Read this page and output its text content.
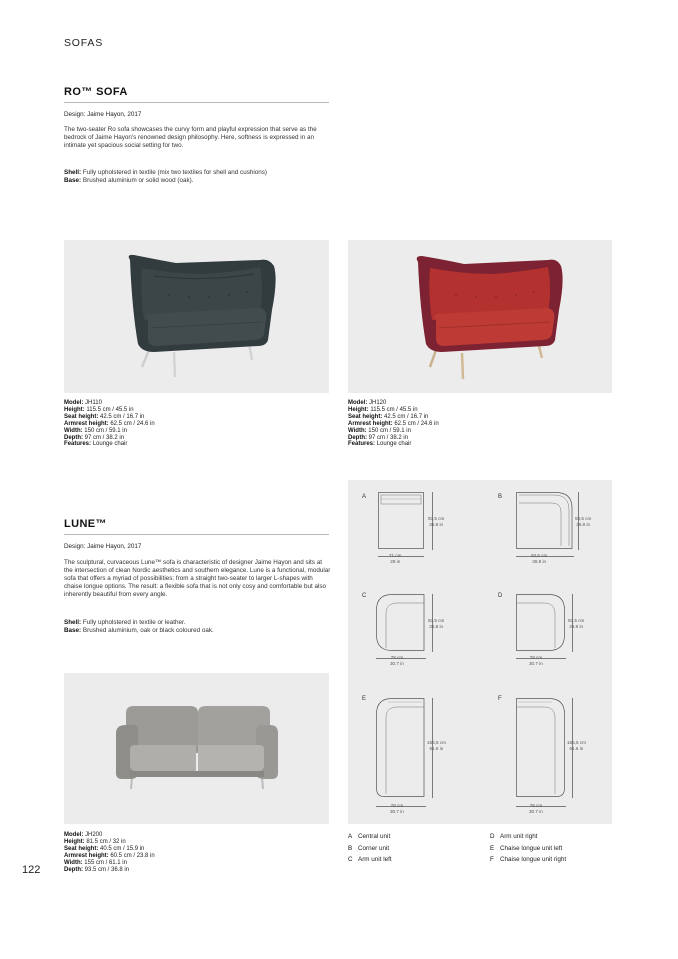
SOFAS
RO™ SOFA
Design: Jaime Hayon, 2017
The two-seater Ro sofa showcases the curvy form and playful expression that serve as the bedrock of Jaime Hayon's renowned design philosophy. Here, softness is expressed in an intimate yet spacious social setting for two.
Shell: Fully upholstered in textile (mix two textiles for shell and cushions)
Base: Brushed aluminium or solid wood (oak).
Model: JH110
Height: 115.5 cm / 45.5 in
Seat height: 42.5 cm / 16.7 in
Armrest height: 62.5 cm / 24.6 in
Width: 150 cm / 59.1 in
Depth: 97 cm / 38.2 in
Features: Lounge chair
Model: JH120
Height: 115.5 cm / 45.5 in
Seat height: 42.5 cm / 16.7 in
Armrest height: 62.5 cm / 24.6 in
Width: 150 cm / 59.1 in
Depth: 97 cm / 38.2 in
Features: Lounge chair
LUNE™
Design: Jaime Hayon, 2017
The sculptural, curvaceous Lune™ sofa is characteristic of designer Jaime Hayon and sits at the intersection of clean Nordic aesthetics and southern elegance. Lune is a functional, modular sofa that offers a myriad of possibilities: from a straight two-seater to larger L-shapes with chaise longue options. The result: a flexible sofa that is not only cosy and comfortable but also inherently beautiful from every angle.
Shell: Fully upholstered in textile or leather.
Base: Brushed aluminium, oak or black coloured oak.
Model: JH200
Height: 81.5 cm / 32 in
Seat height: 40.5 cm / 15.9 in
Armrest height: 60.5 cm / 23.8 in
Width: 155 cm / 61.1 in
Depth: 93.5 cm / 36.8 in
A
93,5 cm
36.8 in
71 cm
28 in
B
93,5 cm
36.8 in
93,5 cm
36.8 in
C
93,5 cm
36.8 in
78 cm
30.7 in
D
93,5 cm
36.8 in
78 cm
30.7 in
E
156,5 cm
61.6 in
78 cm
30.7 in
F
156,5 cm
61.6 in
78 cm
30.7 in
A Central unit
B Corner unit
C Arm unit left
D Arm unit right
E Chaise longue unit left
F Chaise longue unit right
122
